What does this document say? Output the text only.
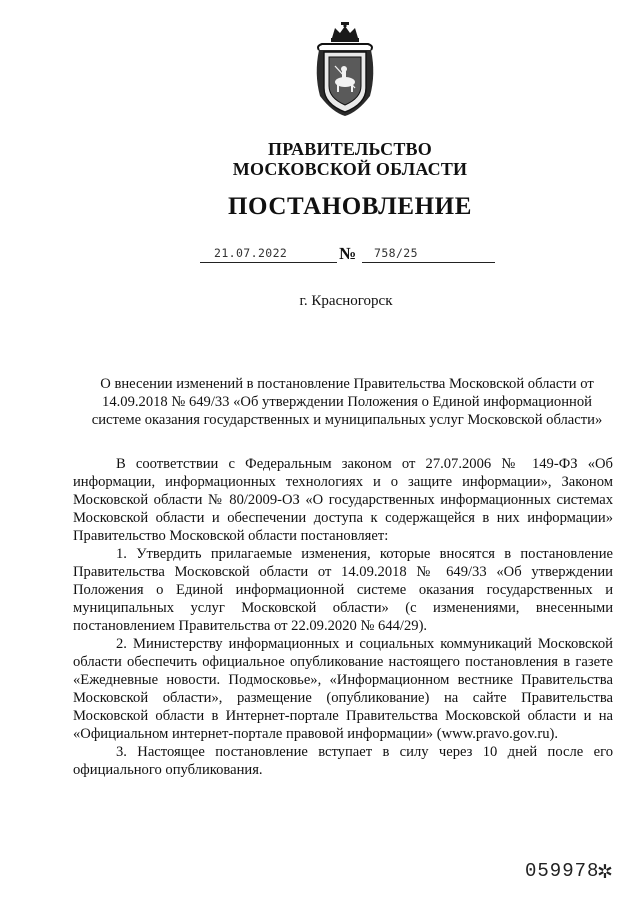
ПРАВИТЕЛЬСТВО
МОСКОВСКОЙ ОБЛАСТИ
ПОСТАНОВЛЕНИЕ
21.07.2022	№ 758/25
г. Красногорск
О внесении изменений в постановление Правительства Московской области от 14.09.2018 № 649/33 «Об утверждении Положения о Единой информационной системе оказания государственных и муниципальных услуг Московской области»

В соответствии с Федеральным законом от 27.07.2006 № 149-ФЗ «Об информации, информационных технологиях и о защите информации», Законом Московской области № 80/2009-ОЗ «О государственных информационных системах Московской области и обеспечении доступа к содержащейся в них информации» Правительство Московской области постановляет:

1. Утвердить прилагаемые изменения, которые вносятся в постановление Правительства Московской области от 14.09.2018 № 649/33 «Об утверждении Положения о Единой информационной системе оказания государственных и муниципальных услуг Московской области» (с изменениями, внесенными постановлением Правительства от 22.09.2020 № 644/29).

2. Министерству информационных и социальных коммуникаций Московской области обеспечить официальное опубликование настоящего постановления в газете «Ежедневные новости. Подмосковье», «Информационном вестнике Правительства Московской области», размещение (опубликование) на сайте Правительства Московской области в Интернет-портале Правительства Московской области и на «Официальном интернет-портале правовой информации» (www.pravo.gov.ru).

3. Настоящее постановление вступает в силу через 10 дней после его официального опубликования.

059978
✲
